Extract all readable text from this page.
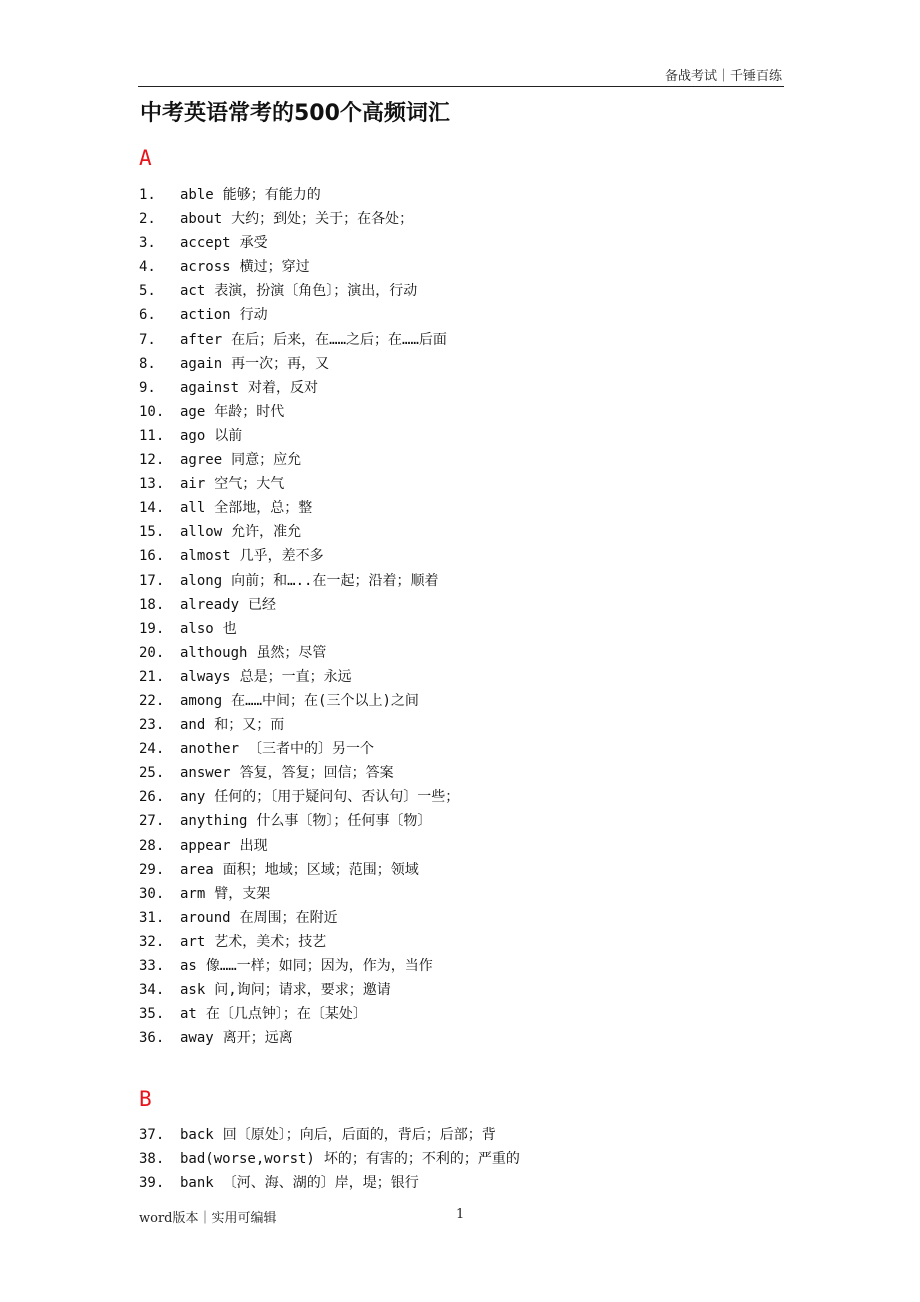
备战考试｜千锤百练
中考英语常考的500个高频词汇
A
1. able 能够；有能力的
2. about 大约；到处；关于；在各处；
3. accept 承受
4. across 横过；穿过
5. act 表演，扮演〔角色〕；演出，行动
6. action 行动
7. after 在后；后来，在……之后；在……后面
8. again 再一次；再，又
9. against 对着，反对
10. age 年龄；时代
11. ago 以前
12. agree 同意；应允
13. air 空气；大气
14. all 全部地，总；整
15. allow 允许，准允
16. almost 几乎，差不多
17. along 向前；和…..在一起；沿着；顺着
18. already 已经
19. also 也
20. although 虽然；尽管
21. always 总是；一直；永远
22. among 在……中间；在(三个以上)之间
23. and 和；又；而
24. another 〔三者中的〕另一个
25. answer 答复，答复；回信；答案
26. any 任何的；〔用于疑问句、否认句〕一些；
27. anything 什么事〔物〕；任何事〔物〕
28. appear 出现
29. area 面积；地域；区域；范围；领域
30. arm 臂，支架
31. around 在周围；在附近
32. art 艺术，美术；技艺
33. as 像……一样；如同；因为，作为，当作
34. ask 问,询问；请求，要求；邀请
35. at 在〔几点钟〕；在〔某处〕
36. away 离开；远离
B
37. back 回〔原处〕；向后，后面的，背后；后部；背
38. bad(worse,worst) 坏的；有害的；不利的；严重的
39. bank 〔河、海、湖的〕岸，堤；银行
word版本｜实用可编辑	1
